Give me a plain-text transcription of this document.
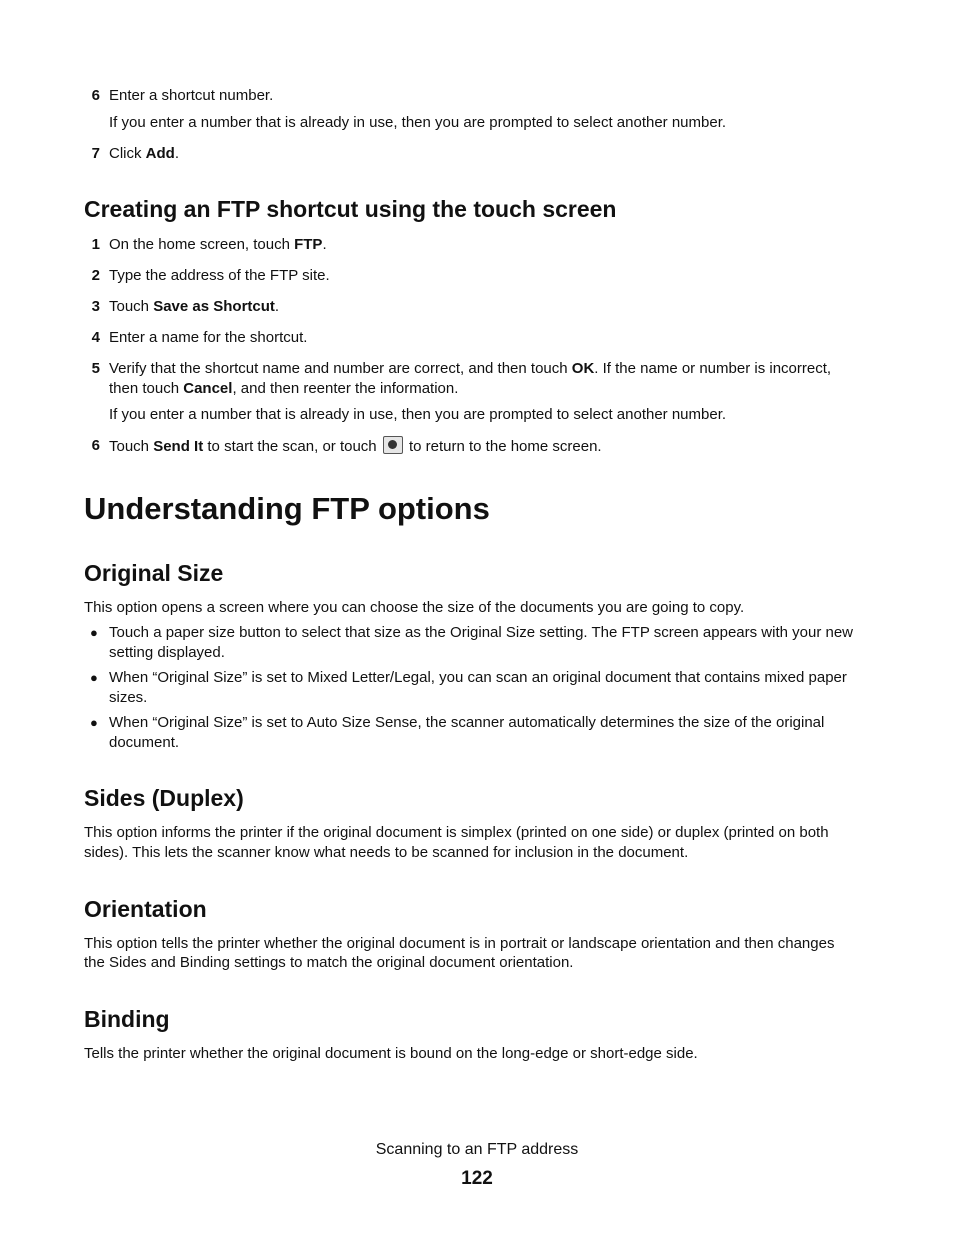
6 Enter a shortcut number.
If you enter a number that is already in use, then you are prompted to select another number.
7 Click Add.
Creating an FTP shortcut using the touch screen
1 On the home screen, touch FTP.
2 Type the address of the FTP site.
3 Touch Save as Shortcut.
4 Enter a name for the shortcut.
5 Verify that the shortcut name and number are correct, and then touch OK. If the name or number is incorrect,
then touch Cancel, and then reenter the information.
If you enter a number that is already in use, then you are prompted to select another number.
6 Touch Send It to start the scan, or touch  to return to the home screen.
Understanding FTP options
Original Size
This option opens a screen where you can choose the size of the documents you are going to copy.
● Touch a paper size button to select that size as the Original Size setting. The FTP screen appears with your new
setting displayed.
● When “Original Size” is set to Mixed Letter/Legal, you can scan an original document that contains mixed paper
sizes.
● When “Original Size” is set to Auto Size Sense, the scanner automatically determines the size of the original
document.
Sides (Duplex)
This option informs the printer if the original document is simplex (printed on one side) or duplex (printed on both
sides). This lets the scanner know what needs to be scanned for inclusion in the document.
Orientation
This option tells the printer whether the original document is in portrait or landscape orientation and then changes
the Sides and Binding settings to match the original document orientation.
Binding
Tells the printer whether the original document is bound on the long-edge or short-edge side.
Scanning to an FTP address
122
